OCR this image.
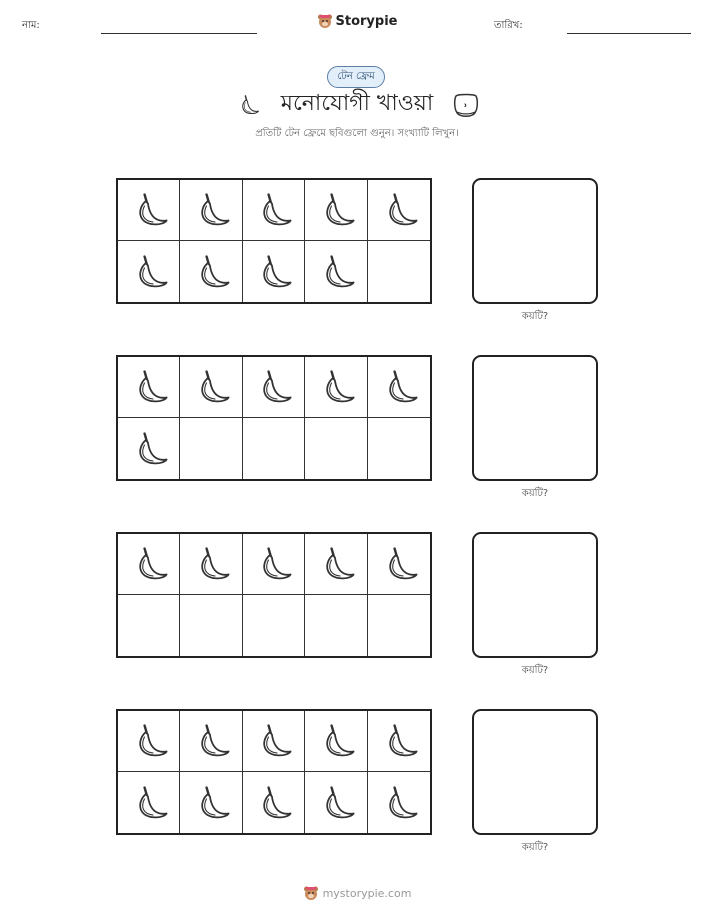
নাম:	Storypie	তারিখ:
টেন ফ্রেম
মনোযোগী খাওয়া
প্রতিটি টেন ফ্রেমে ছবিগুলো গুনুন। সংখ্যাটি লিখুন।
কয়টি?
কয়টি?
কয়টি?
কয়টি?
mystorypie.com
